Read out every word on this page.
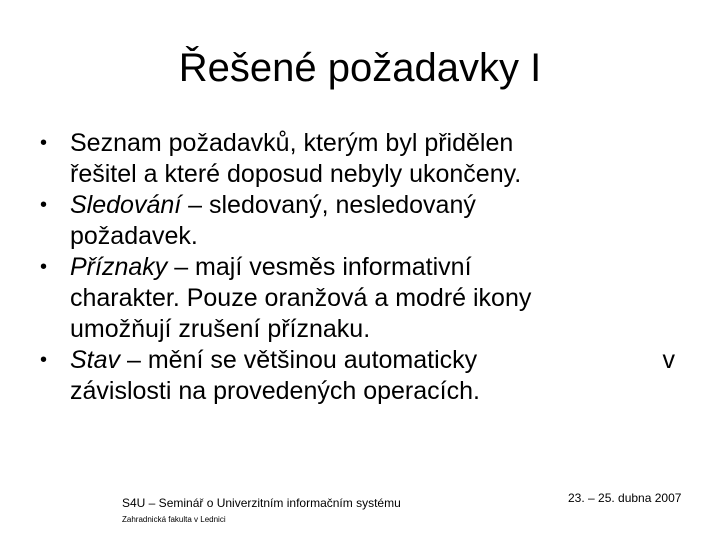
Řešené požadavky I
• Seznam požadavků, kterým byl přidělen
řešitel a které doposud nebyly ukončeny.
• Sledování – sledovaný, nesledovaný
požadavek.
• Příznaky – mají vesměs informativní
charakter. Pouze oranžová a modré ikony
umožňují zrušení příznaku.
• Stav – mění se většinou automaticky	v
závislosti na provedených operacích.
S4U – Seminář o Univerzitním informačním systému
Zahradnická fakulta v Lednici
23. – 25. dubna 2007
